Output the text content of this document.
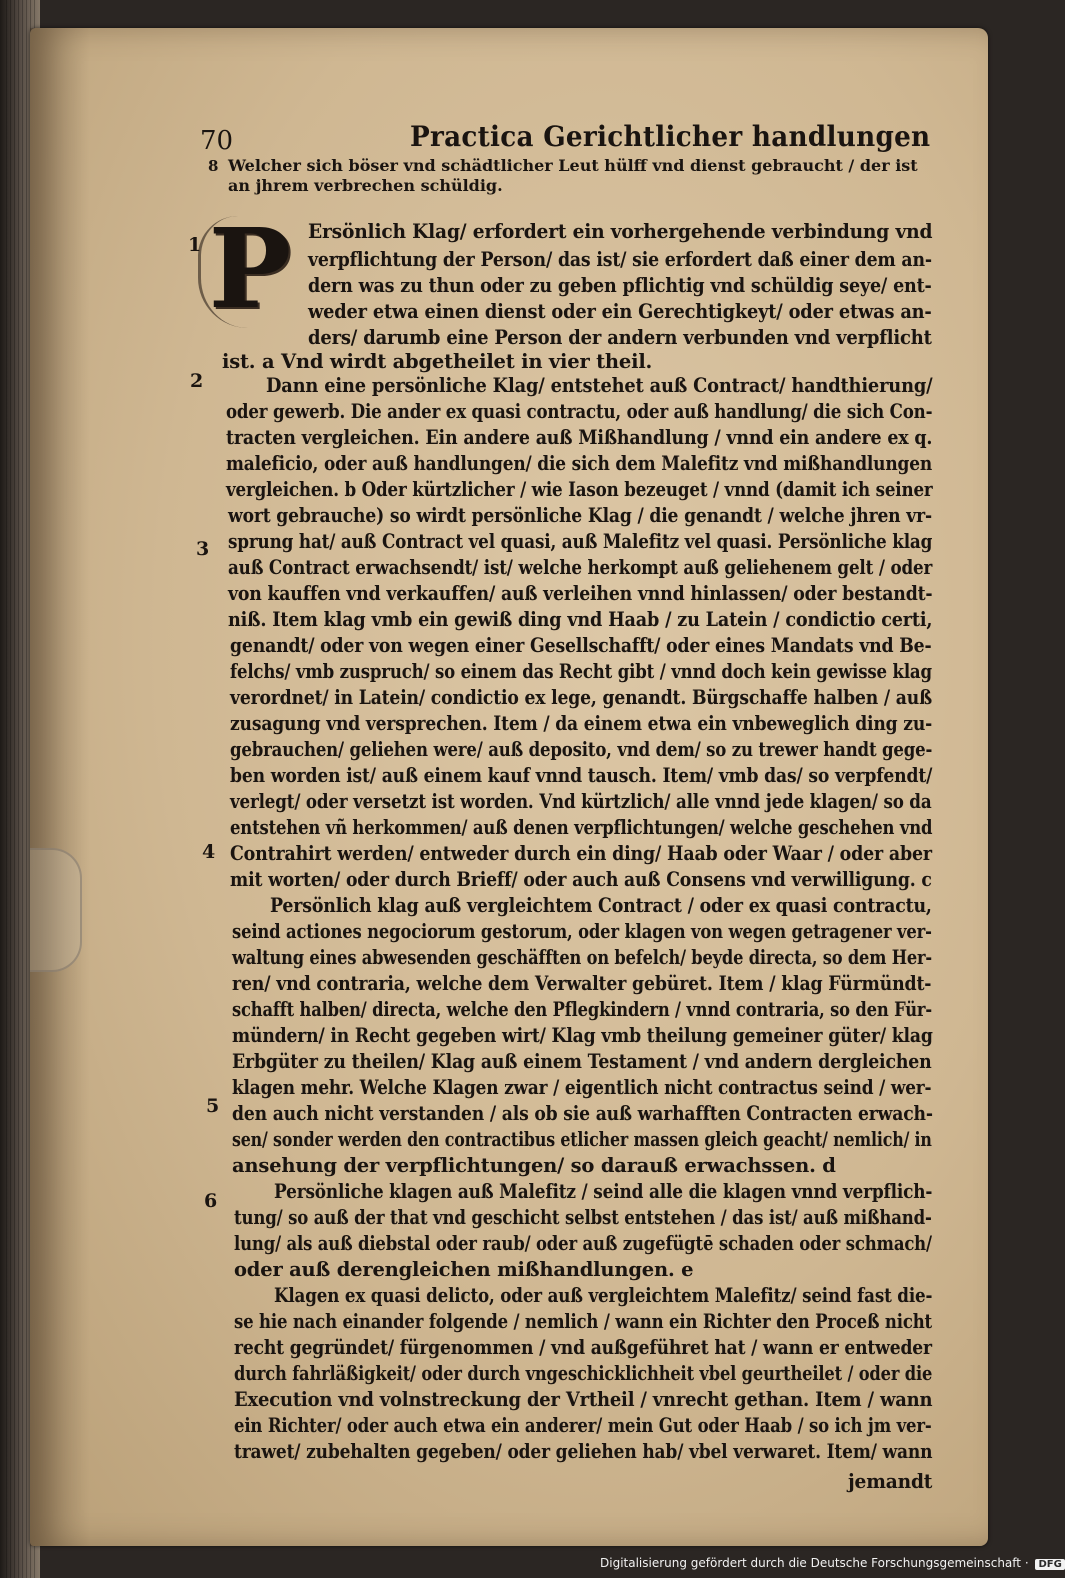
70	Practica Gerichtlicher handlungen
8 Welcher sich böser vnd schädtlicher Leut hülff vnd dienst gebraucht / der ist an jhrem verbrechen schüldig.
P
1
2
3
4
5
6
Ersönlich Klag/ erfordert ein vorhergehende verbindung vnd
verpflichtung der Person/ das ist/ sie erfordert daß einer dem an-
dern was zu thun oder zu geben pflichtig vnd schüldig seye/ ent-
weder etwa einen dienst oder ein Gerechtigkeyt/ oder etwas an-
ders/ darumb eine Person der andern verbunden vnd verpflicht
ist. a Vnd wirdt abgetheilet in vier theil.
Dann eine persönliche Klag/ entstehet auß Contract/ handthierung/
oder gewerb. Die ander ex quasi contractu, oder auß handlung/ die sich Con-
tracten vergleichen. Ein andere auß Mißhandlung / vnnd ein andere ex q.
maleficio, oder auß handlungen/ die sich dem Malefitz vnd mißhandlungen
vergleichen. b Oder kürtzlicher / wie Iason bezeuget / vnnd (damit ich seiner
wort gebrauche) so wirdt persönliche Klag / die genandt / welche jhren vr-
sprung hat/ auß Contract vel quasi, auß Malefitz vel quasi. Persönliche klag
auß Contract erwachsendt/ ist/ welche herkompt auß geliehenem gelt / oder
von kauffen vnd verkauffen/ auß verleihen vnnd hinlassen/ oder bestandt-
niß. Item klag vmb ein gewiß ding vnd Haab / zu Latein / condictio certi,
genandt/ oder von wegen einer Gesellschafft/ oder eines Mandats vnd Be-
felchs/ vmb zuspruch/ so einem das Recht gibt / vnnd doch kein gewisse klag
verordnet/ in Latein/ condictio ex lege, genandt. Bürgschaffe halben / auß
zusagung vnd versprechen. Item / da einem etwa ein vnbeweglich ding zu-
gebrauchen/ geliehen were/ auß deposito, vnd dem/ so zu trewer handt gege-
ben worden ist/ auß einem kauf vnnd tausch. Item/ vmb das/ so verpfendt/
verlegt/ oder versetzt ist worden. Vnd kürtzlich/ alle vnnd jede klagen/ so da
entstehen vñ herkommen/ auß denen verpflichtungen/ welche geschehen vnd
Contrahirt werden/ entweder durch ein ding/ Haab oder Waar / oder aber
mit worten/ oder durch Brieff/ oder auch auß Consens vnd verwilligung. c
Persönlich klag auß vergleichtem Contract / oder ex quasi contractu,
seind actiones negociorum gestorum, oder klagen von wegen getragener ver-
waltung eines abwesenden geschäfften on befelch/ beyde directa, so dem Her-
ren/ vnd contraria, welche dem Verwalter gebüret. Item / klag Fürmündt-
schafft halben/ directa, welche den Pflegkindern / vnnd contraria, so den Für-
mündern/ in Recht gegeben wirt/ Klag vmb theilung gemeiner güter/ klag
Erbgüter zu theilen/ Klag auß einem Testament / vnd andern dergleichen
klagen mehr. Welche Klagen zwar / eigentlich nicht contractus seind / wer-
den auch nicht verstanden / als ob sie auß warhafften Contracten erwach-
sen/ sonder werden den contractibus etlicher massen gleich geacht/ nemlich/ in
ansehung der verpflichtungen/ so darauß erwachssen. d
Persönliche klagen auß Malefitz / seind alle die klagen vnnd verpflich-
tung/ so auß der that vnd geschicht selbst entstehen / das ist/ auß mißhand-
lung/ als auß diebstal oder raub/ oder auß zugefügtē schaden oder schmach/
oder auß derengleichen mißhandlungen. e
Klagen ex quasi delicto, oder auß vergleichtem Malefitz/ seind fast die-
se hie nach einander folgende / nemlich / wann ein Richter den Proceß nicht
recht gegründet/ fürgenommen / vnd außgeführet hat / wann er entweder
durch fahrläßigkeit/ oder durch vngeschicklichheit vbel geurtheilet / oder die
Execution vnd volnstreckung der Vrtheil / vnrecht gethan. Item / wann
ein Richter/ oder auch etwa ein anderer/ mein Gut oder Haab / so ich jm ver-
trawet/ zubehalten gegeben/ oder geliehen hab/ vbel verwaret. Item/ wann
jemandt
Digitalisierung gefördert durch die Deutsche Forschungsgemeinschaft · DFG
